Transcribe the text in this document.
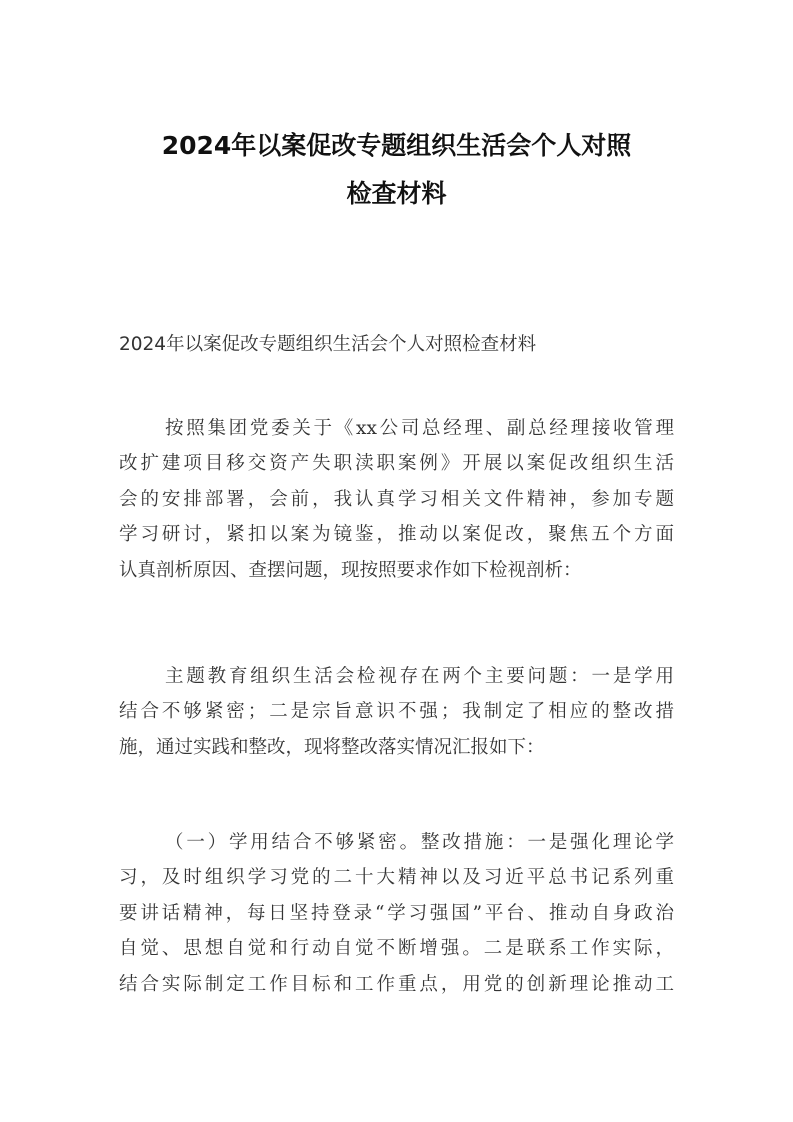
2024年以案促改专题组织生活会个人对照
检查材料

2024年以案促改专题组织生活会个人对照检查材料

按照集团党委关于《xx公司总经理、副总经理接收管理
改扩建项目移交资产失职渎职案例》开展以案促改组织生活
会的安排部署，会前，我认真学习相关文件精神，参加专题
学习研讨，紧扣以案为镜鉴，推动以案促改，聚焦五个方面
认真剖析原因、查摆问题，现按照要求作如下检视剖析：
主题教育组织生活会检视存在两个主要问题：一是学用
结合不够紧密；二是宗旨意识不强；我制定了相应的整改措
施，通过实践和整改，现将整改落实情况汇报如下：
（一）学用结合不够紧密。整改措施：一是强化理论学
习，及时组织学习党的二十大精神以及习近平总书记系列重
要讲话精神，每日坚持登录“学习强国”平台、推动自身政治
自觉、思想自觉和行动自觉不断增强。二是联系工作实际，
结合实际制定工作目标和工作重点，用党的创新理论推动工
